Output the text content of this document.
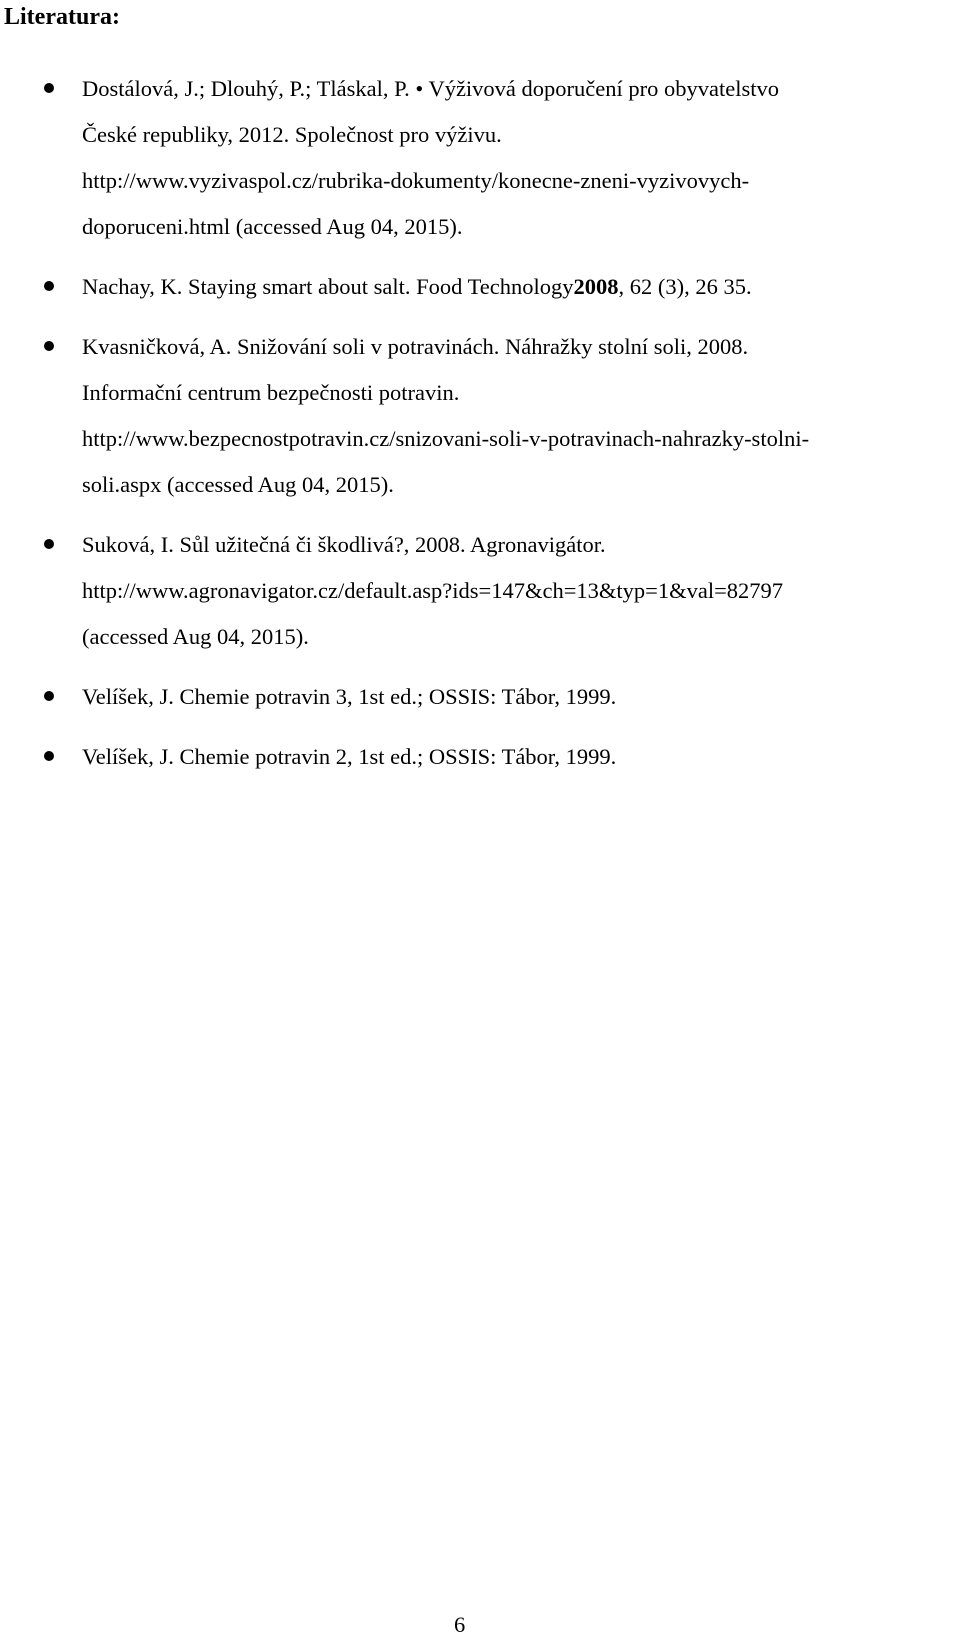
Literatura:
Dostálová, J.; Dlouhý, P.; Tláskal, P. • Výživová doporučení pro obyvatelstvo
České republiky, 2012. Společnost pro výživu.
http://www.vyzivaspol.cz/rubrika-dokumenty/konecne-zneni-vyzivovych-
doporuceni.html (accessed Aug 04, 2015).
Nachay, K. Staying smart about salt. Food Technology2008, 62 (3), 26 35.
Kvasničková, A. Snižování soli v potravinách. Náhražky stolní soli, 2008.
Informační centrum bezpečnosti potravin.
http://www.bezpecnostpotravin.cz/snizovani-soli-v-potravinach-nahrazky-stolni-
soli.aspx (accessed Aug 04, 2015).
Suková, I. Sůl užitečná či škodlivá?, 2008. Agronavigátor.
http://www.agronavigator.cz/default.asp?ids=147&ch=13&typ=1&val=82797
(accessed Aug 04, 2015).
Velíšek, J. Chemie potravin 3, 1st ed.; OSSIS: Tábor, 1999.
Velíšek, J. Chemie potravin 2, 1st ed.; OSSIS: Tábor, 1999.
6
